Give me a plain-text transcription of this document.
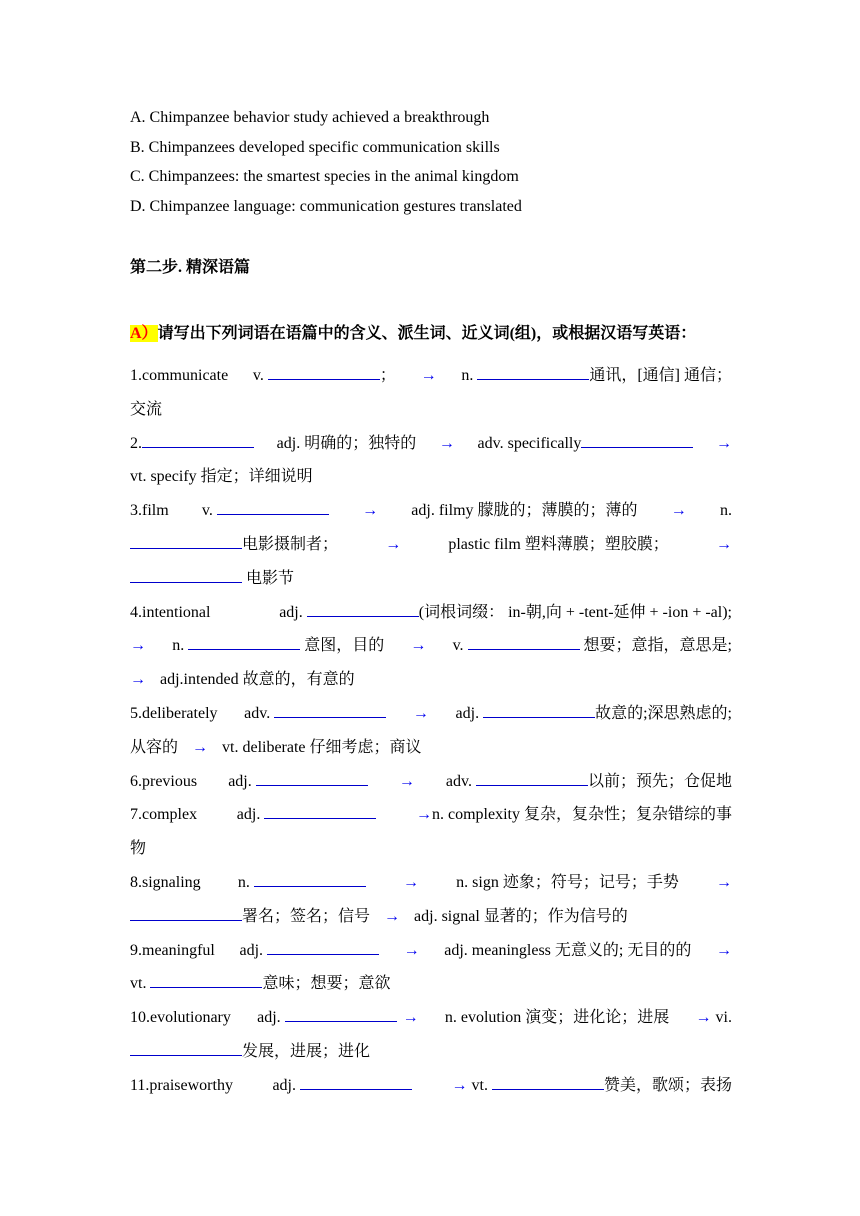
A. Chimpanzee behavior study achieved a breakthrough
B. Chimpanzees developed specific communication skills
C. Chimpanzees: the smartest species in the animal kingdom
D. Chimpanzee language: communication gestures translated
第二步. 精深语篇
A）请写出下列词语在语篇中的含义、派生词、近义词(组)，或根据汉语写英语：
1.communicate v.	； → n.	通讯，[通信] 通信；
交流
2.	adj. 明确的；独特的 → adv. specifically	→
vt. specify 指定；详细说明
3.film v.	→ adj. filmy 朦胧的；薄膜的；薄的 → n.
电影摄制者；	→	plastic film 塑料薄膜；塑胶膜；	→
电影节
4.intentional	adj.	(词根词缀： in-朝,向 + -tent-延伸 + -ion + -al);
→ n.	意图，目的 → v.	想要；意指，意思是;
→ adj.intended 故意的，有意的
5.deliberately adv.	→ adj.	故意的;深思熟虑的;
从容的 → vt. deliberate 仔细考虑；商议
6.previous adj.	→ adv.	以前；预先；仓促地
7.complex adj.	→n. complexity 复杂，复杂性；复杂错综的事
物
8.signaling n.	→ n. sign 迹象；符号；记号；手势 →
署名；签名；信号 → adj. signal 显著的；作为信号的
9.meaningful adj.	→ adj. meaningless 无意义的; 无目的的 →
vt.	意味；想要；意欲
10.evolutionary adj.	→ n. evolution 演变；进化论；进展 → vi.
发展，进展；进化
11.praiseworthy adj.	→ vt.	赞美，歌颂；表扬
